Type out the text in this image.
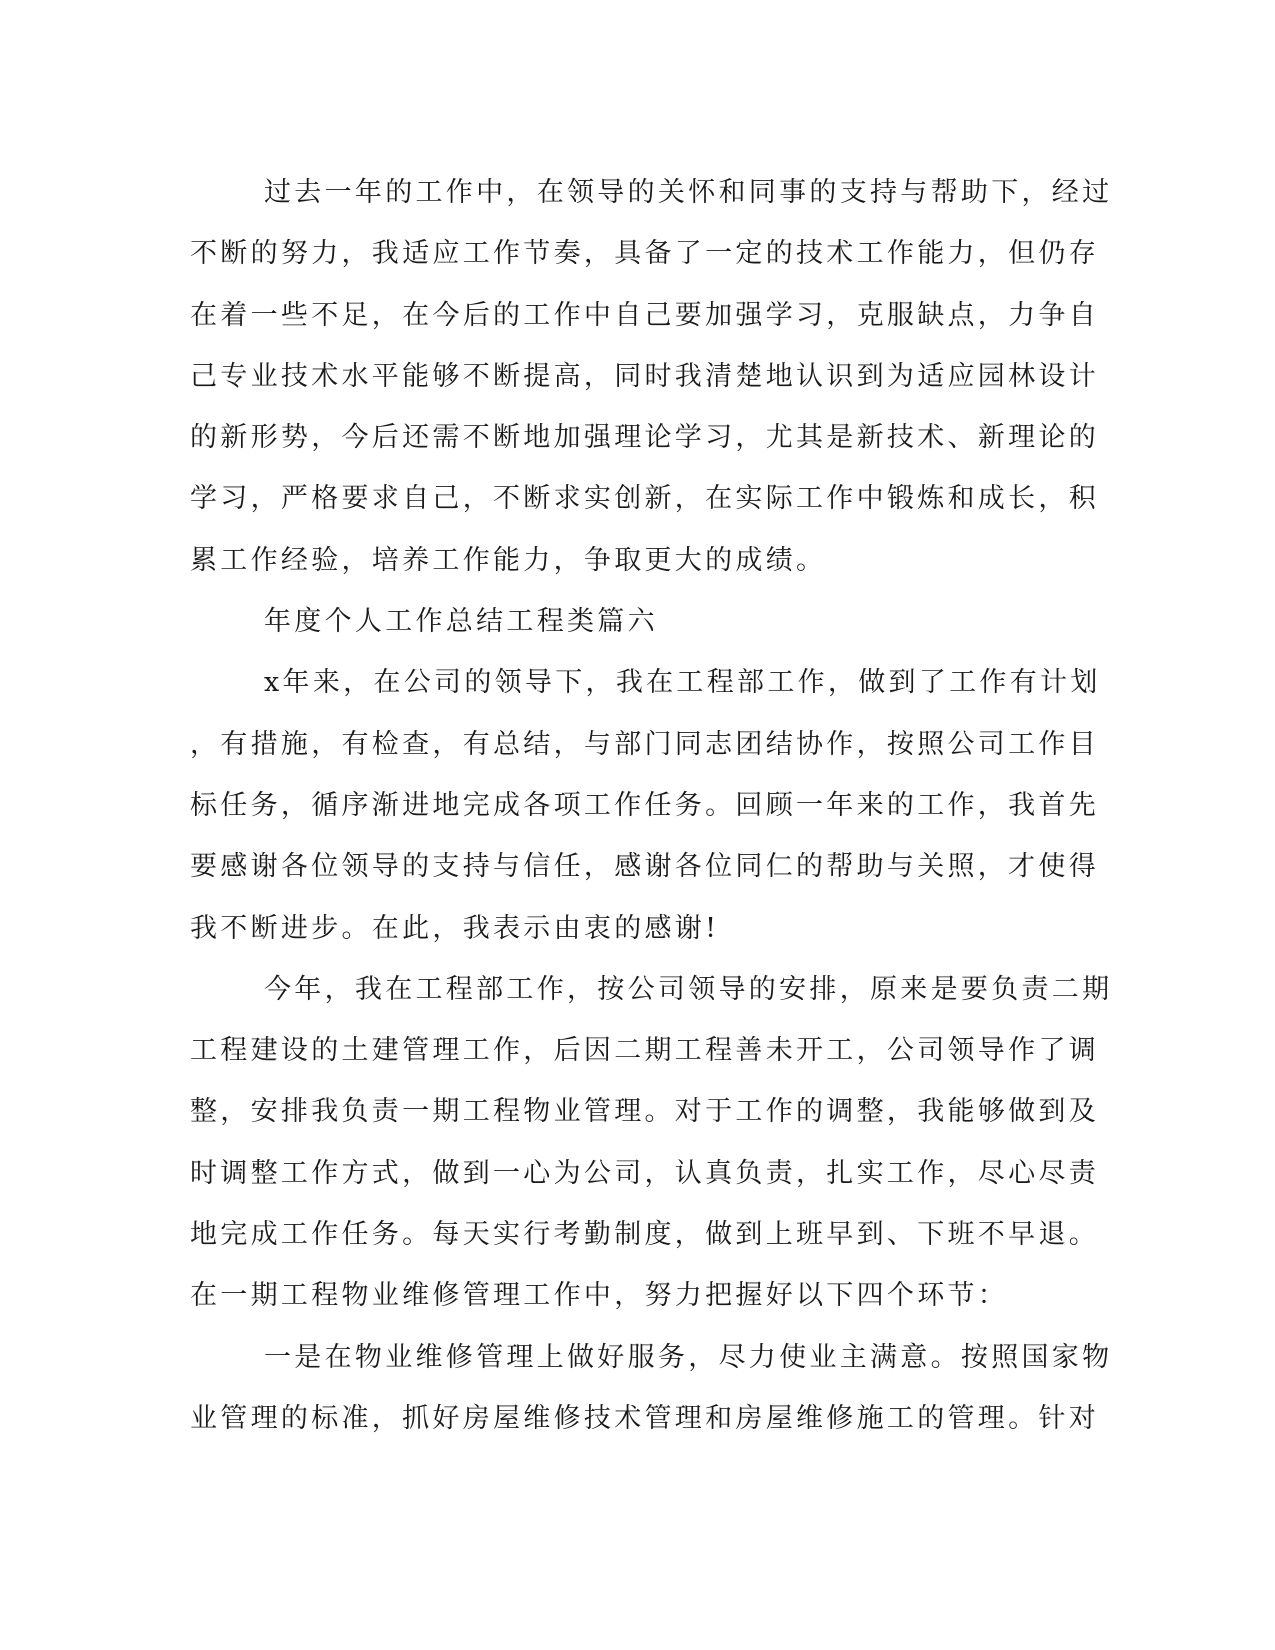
过去一年的工作中，在领导的关怀和同事的支持与帮助下，经过
不断的努力，我适应工作节奏，具备了一定的技术工作能力，但仍存
在着一些不足，在今后的工作中自己要加强学习，克服缺点，力争自
己专业技术水平能够不断提高，同时我清楚地认识到为适应园林设计
的新形势，今后还需不断地加强理论学习，尤其是新技术、新理论的
学习，严格要求自己，不断求实创新，在实际工作中锻炼和成长，积
累工作经验，培养工作能力，争取更大的成绩。
年度个人工作总结工程类篇六
x年来，在公司的领导下，我在工程部工作，做到了工作有计划
，有措施，有检查，有总结，与部门同志团结协作，按照公司工作目
标任务，循序渐进地完成各项工作任务。回顾一年来的工作，我首先
要感谢各位领导的支持与信任，感谢各位同仁的帮助与关照，才使得
我不断进步。在此，我表示由衷的感谢!
今年，我在工程部工作，按公司领导的安排，原来是要负责二期
工程建设的土建管理工作，后因二期工程善未开工，公司领导作了调
整，安排我负责一期工程物业管理。对于工作的调整，我能够做到及
时调整工作方式，做到一心为公司，认真负责，扎实工作，尽心尽责
地完成工作任务。每天实行考勤制度，做到上班早到、下班不早退。
在一期工程物业维修管理工作中，努力把握好以下四个环节：
一是在物业维修管理上做好服务，尽力使业主满意。按照国家物
业管理的标准，抓好房屋维修技术管理和房屋维修施工的管理。针对
